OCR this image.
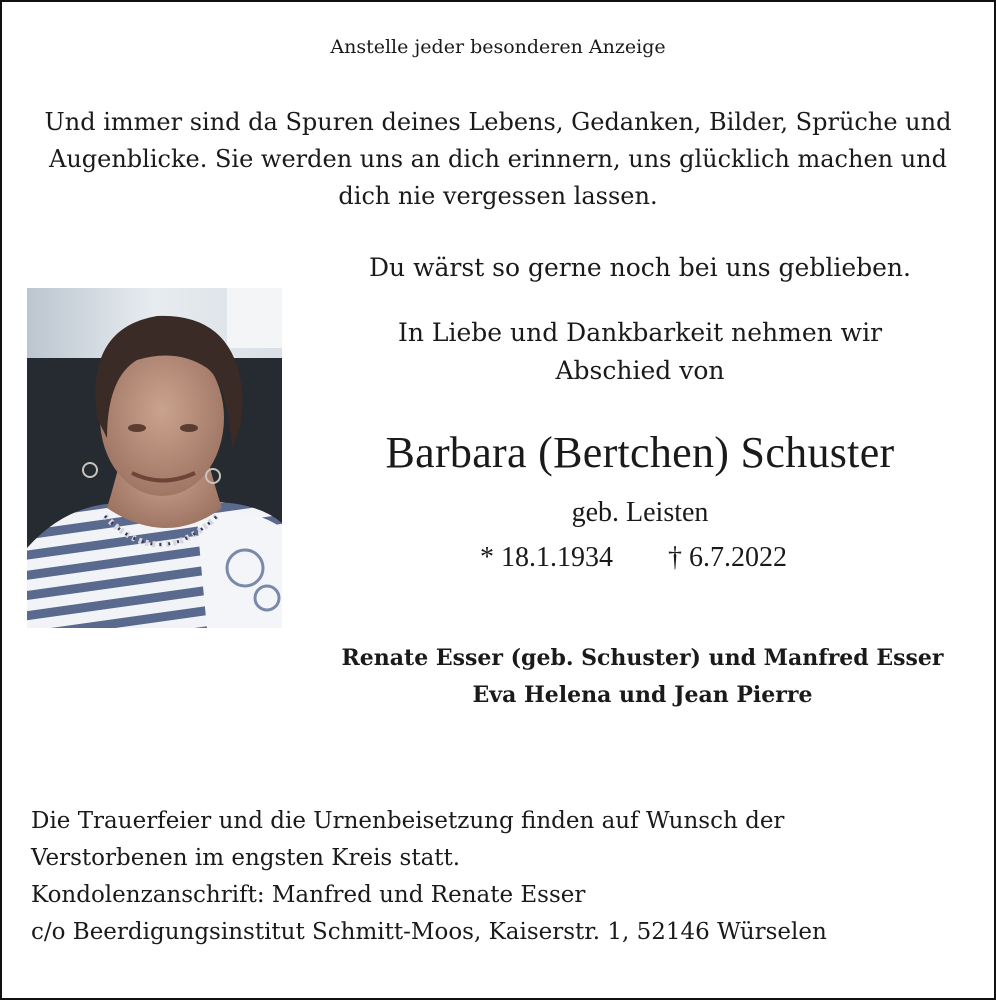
Anstelle jeder besonderen Anzeige
Und immer sind da Spuren deines Lebens, Gedanken, Bilder, Sprüche und
Augenblicke. Sie werden uns an dich erinnern, uns glücklich machen und
dich nie vergessen lassen.
Du wärst so gerne noch bei uns geblieben.
In Liebe und Dankbarkeit nehmen wir
Abschied von
Barbara (Bertchen) Schuster
geb. Leisten
* 18.1.1934 † 6.7.2022
Renate Esser (geb. Schuster) und Manfred Esser
Eva Helena und Jean Pierre
Die Trauerfeier und die Urnenbeisetzung finden auf Wunsch der
Verstorbenen im engsten Kreis statt.
Kondolenzanschrift: Manfred und Renate Esser
c/o Beerdigungsinstitut Schmitt-Moos, Kaiserstr. 1, 52146 Würselen
